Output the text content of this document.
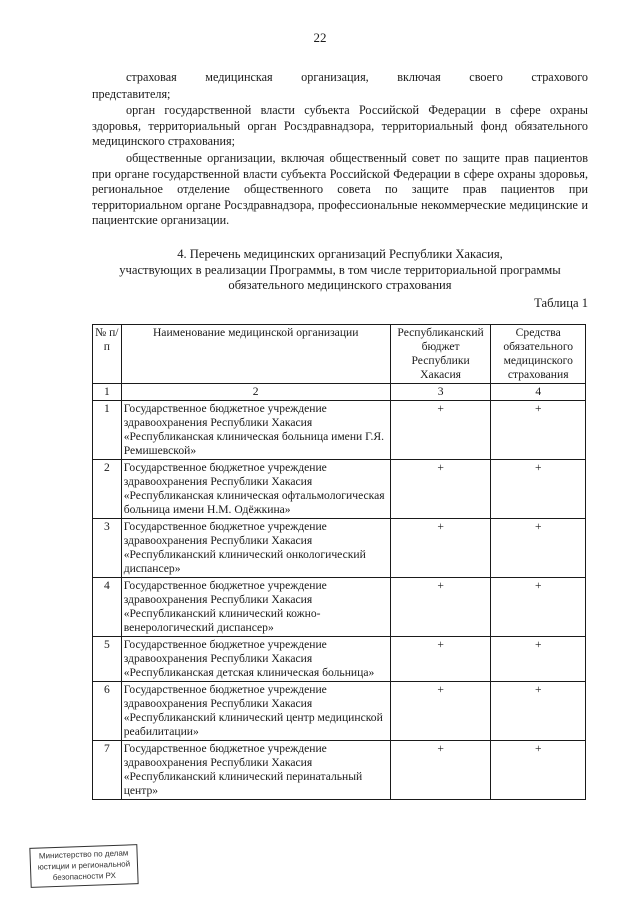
22

страховая медицинская организация, включая своего страхового

представителя;

орган государственной власти субъекта Российской Федерации в сфере охраны здоровья, территориальный орган Росздравнадзора, территориальный фонд обязательного медицинского страхования;

общественные организации, включая общественный совет по защите прав пациентов при органе государственной власти субъекта Российской Федерации в сфере охраны здоровья, региональное отделение общественного совета по защите прав пациентов при территориальном органе Росздравнадзора, профессиональные некоммерческие медицинские и пациентские организации.

4. Перечень медицинских организаций Республики Хакасия,
участвующих в реализации Программы, в том числе территориальной программы
обязательного медицинского страхования
Таблица 1
№ п/п	Наименование медицинской организации	Республиканский бюджет Республики Хакасия	Средства обязательного медицинского страхования
1	2	3	4
1	Государственное бюджетное учреждение здравоохранения Республики Хакасия «Республиканская клиническая больница имени Г.Я. Ремишевской»	+	+
2	Государственное бюджетное учреждение здравоохранения Республики Хакасия «Республиканская клиническая офтальмологическая больница имени Н.М. Одёжкина»	+	+
3	Государственное бюджетное учреждение здравоохранения Республики Хакасия «Республиканский клинический онкологический диспансер»	+	+
4	Государственное бюджетное учреждение здравоохранения Республики Хакасия «Республиканский клинический кожно-венерологический диспансер»	+	+
5	Государственное бюджетное учреждение здравоохранения Республики Хакасия «Республиканская детская клиническая больница»	+	+
6	Государственное бюджетное учреждение здравоохранения Республики Хакасия «Республиканский клинический центр медицинской реабилитации»	+	+
7	Государственное бюджетное учреждение здравоохранения Республики Хакасия «Республиканский клинический перинатальный центр»	+	+
Министерство по делам
юстиции и региональной
безопасности РХ
